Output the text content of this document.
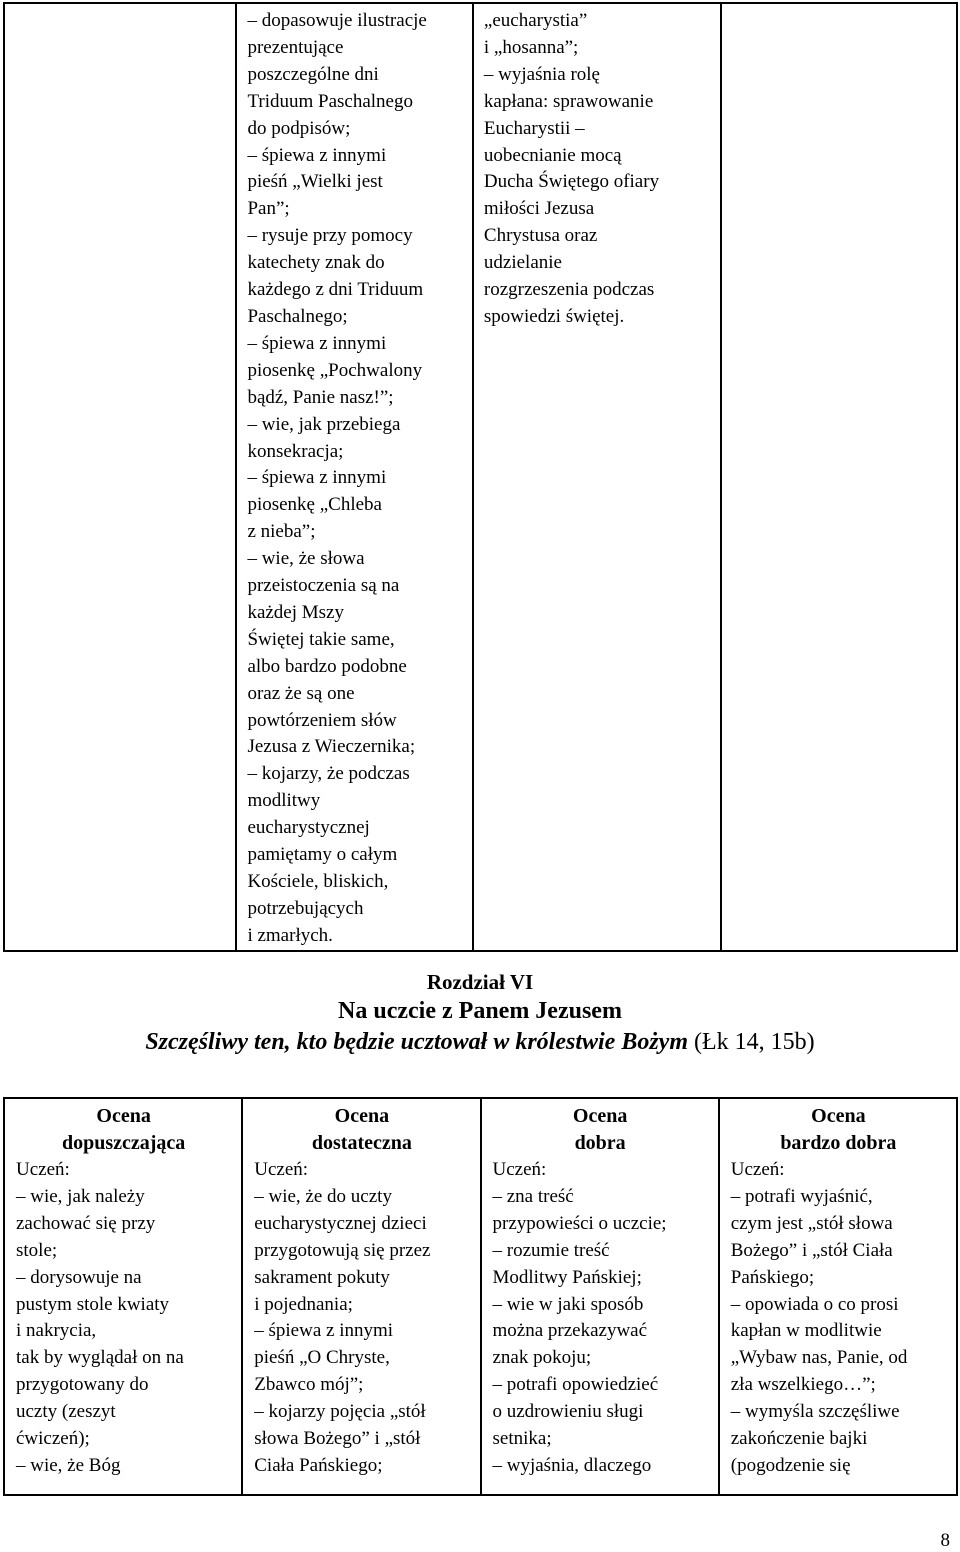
– dopasowuje ilustracje
prezentujące
poszczególne dni
Triduum Paschalnego
do podpisów;
– śpiewa z innymi
pieśń „Wielki jest
Pan”;
– rysuje przy pomocy
katechety znak do
każdego z dni Triduum
Paschalnego;
– śpiewa z innymi
piosenkę „Pochwalony
bądź, Panie nasz!”;
– wie, jak przebiega
konsekracja;
– śpiewa z innymi
piosenkę „Chleba
z nieba”;
– wie, że słowa
przeistoczenia są na
każdej Mszy
Świętej takie same,
albo bardzo podobne
oraz że są one
powtórzeniem słów
Jezusa z Wieczernika;
– kojarzy, że podczas
modlitwy
eucharystycznej
pamiętamy o całym
Kościele, bliskich,
potrzebujących
i zmarłych.

„eucharystia”
i „hosanna”;
– wyjaśnia rolę
kapłana: sprawowanie
Eucharystii –
uobecnianie mocą
Ducha Świętego ofiary
miłości Jezusa
Chrystusa oraz
udzielanie
rozgrzeszenia podczas
spowiedzi świętej.

Rozdział VI
Na uczcie z Panem Jezusem
Szczęśliwy ten, kto będzie ucztował w królestwie Bożym (Łk 14, 15b)
Ocena
dopuszczająca
Uczeń:
– wie, jak należy
zachować się przy
stole;
– dorysowuje na
pustym stole kwiaty
i nakrycia,
tak by wyglądał on na
przygotowany do
uczty (zeszyt
ćwiczeń);
– wie, że Bóg

Ocena
dostateczna
Uczeń:
– wie, że do uczty
eucharystycznej dzieci
przygotowują się przez
sakrament pokuty
i pojednania;
– śpiewa z innymi
pieśń „O Chryste,
Zbawco mój”;
– kojarzy pojęcia „stół
słowa Bożego” i „stół
Ciała Pańskiego;

Ocena
dobra
Uczeń:
– zna treść
przypowieści o uczcie;
– rozumie treść
Modlitwy Pańskiej;
– wie w jaki sposób
można przekazywać
znak pokoju;
– potrafi opowiedzieć
o uzdrowieniu sługi
setnika;
– wyjaśnia, dlaczego

Ocena
bardzo dobra
Uczeń:
– potrafi wyjaśnić,
czym jest „stół słowa
Bożego” i „stół Ciała
Pańskiego;
– opowiada o co prosi
kapłan w modlitwie
„Wybaw nas, Panie, od
zła wszelkiego…”;
– wymyśla szczęśliwe
zakończenie bajki
(pogodzenie się
8
